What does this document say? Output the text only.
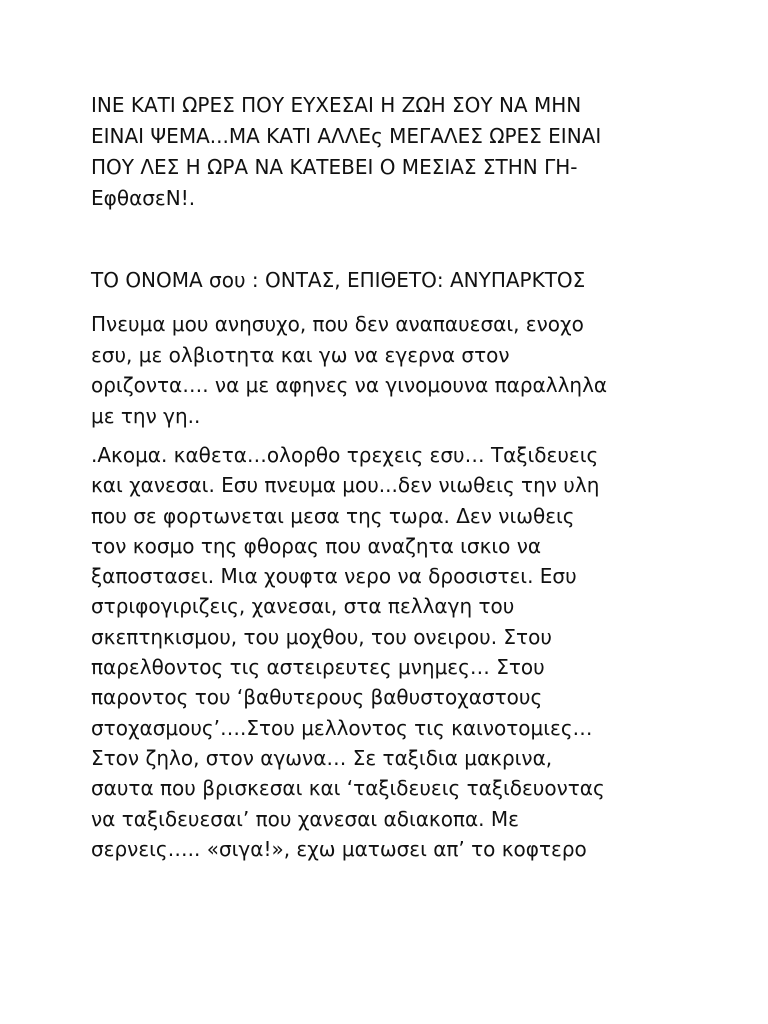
ΙΝΕ ΚΑΤΙ ΩΡΕΣ ΠΟΥ ΕΥΧΕΣΑΙ Η ΖΩΗ ΣΟΥ ΝΑ ΜΗΝ
ΕΙΝΑΙ ΨΕΜΑ...ΜΑ ΚΑΤΙ ΑΛΛΕς ΜΕΓΑΛΕΣ ΩΡΕΣ ΕΙΝΑΙ
ΠΟΥ ΛΕΣ Η ΩΡΑ ΝΑ ΚΑΤΕΒΕΙ Ο ΜΕΣΙΑΣ ΣΤΗΝ ΓΗ-
ΕφθασεΝ!.

ΤΟ ΟΝΟΜΑ σου : ΟΝΤΑΣ, ΕΠΙΘΕΤΟ: ΑΝΥΠΑΡΚΤΟΣ

Πνευμα μου ανησυχο, που δεν αναπαυεσαι, ενοχο
εσυ, με ολβιοτητα και γω να εγερνα στον
οριζοντα…. να με αφηνες να γινομουνα παραλληλα
με την γη..

.Ακομα. καθετα…ολορθο τρεχεις εσυ… Ταξιδευεις
και χανεσαι. Εσυ πνευμα μου...δεν νιωθεις την υλη
που σε φορτωνεται μεσα της τωρα. Δεν νιωθεις
τον κοσμο της φθορας που αναζητα ισκιο να
ξαποστασει. Μια χουφτα νερο να δροσιστει. Εσυ
στριφογιριζεις, χανεσαι, στα πελλαγη του
σκεπτηκισμου, του μοχθου, του ονειρου. Στου
παρελθοντος τις αστειρευτες μνημες… Στου
παροντος του ‘βαθυτερους βαθυστοχαστους
στοχασμους’….Στου μελλοντος τις καινοτομιες…
Στον ζηλο, στον αγωνα… Σε ταξιδια μακρινα,
σαυτα που βρισκεσαι και ‘ταξιδευεις ταξιδευοντας
να ταξιδευεσαι’ που χανεσαι αδιακοπα. Με
σερνεις….. «σιγα!», εχω ματωσει απ’ το κοφτερο
